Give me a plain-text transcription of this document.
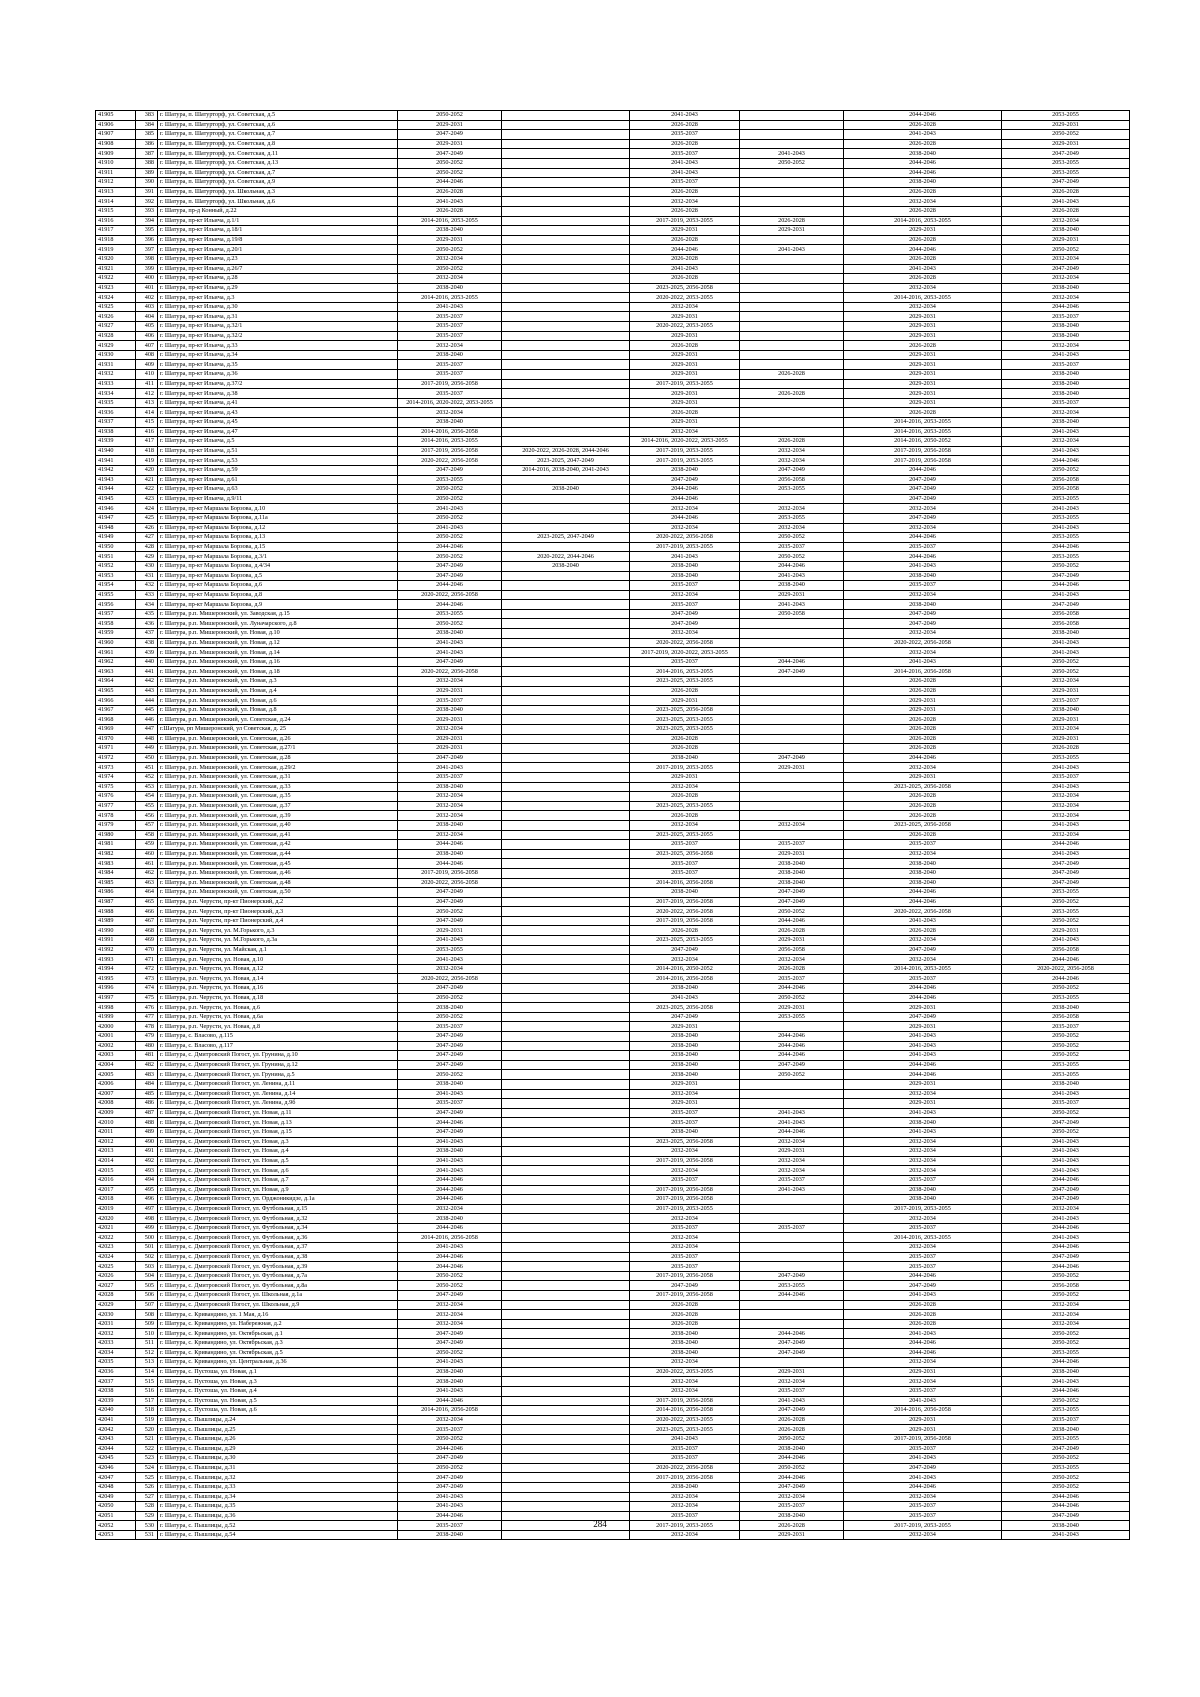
41905	383	г. Шатура, п. Шатурторф, ул. Советская, д.5	2050-2052		2041-2043		2044-2046	2053-2055
41906	384	г. Шатура, п. Шатурторф, ул. Советская, д.6	2029-2031		2026-2028		2026-2028	2029-2031
41907	385	г. Шатура, п. Шатурторф, ул. Советская, д.7	2047-2049		2035-2037		2041-2043	2050-2052
41908	386	г. Шатура, п. Шатурторф, ул. Советская, д.8	2029-2031		2026-2028		2026-2028	2029-2031
41909	387	г. Шатура, п. Шатурторф, ул. Советская, д.11	2047-2049		2035-2037	2041-2043	2038-2040	2047-2049
41910	388	г. Шатура, п. Шатурторф, ул. Советская, д.13	2050-2052		2041-2043	2050-2052	2044-2046	2053-2055
41911	389	г. Шатура, п. Шатурторф, ул. Советская, д.7	2050-2052		2041-2043		2044-2046	2053-2055
41912	390	г. Шатура, п. Шатурторф, ул. Советская, д.9	2044-2046		2035-2037		2038-2040	2047-2049
41913	391	г. Шатура, п. Шатурторф, ул. Школьная, д.3	2026-2028		2026-2028		2026-2028	2026-2028
41914	392	г. Шатура, п. Шатурторф, ул. Школьная, д.6	2041-2043		2032-2034		2032-2034	2041-2043
41915	393	г. Шатура, пр-д Конный, д.22	2026-2028		2026-2028		2026-2028	2026-2028
41916	394	г. Шатура, пр-кт Ильича, д.1/1	2014-2016, 2053-2055		2017-2019, 2053-2055	2026-2028	2014-2016, 2053-2055	2032-2034
41917	395	г. Шатура, пр-кт Ильича, д.18/1	2038-2040		2029-2031	2029-2031	2029-2031	2038-2040
41918	396	г. Шатура, пр-кт Ильича, д.19/8	2029-2031		2026-2028		2026-2028	2029-2031
41919	397	г. Шатура, пр-кт Ильича, д.20/1	2050-2052		2044-2046	2041-2043	2044-2046	2050-2052
41920	398	г. Шатура, пр-кт Ильича, д.23	2032-2034		2026-2028		2026-2028	2032-2034
41921	399	г. Шатура, пр-кт Ильича, д.26/7	2050-2052		2041-2043		2041-2043	2047-2049
41922	400	г. Шатура, пр-кт Ильича, д.28	2032-2034		2026-2028		2026-2028	2032-2034
41923	401	г. Шатура, пр-кт Ильича, д.29	2038-2040		2023-2025, 2056-2058		2032-2034	2038-2040
41924	402	г. Шатура, пр-кт Ильича, д.3	2014-2016, 2053-2055		2020-2022, 2053-2055		2014-2016, 2053-2055	2032-2034
41925	403	г. Шатура, пр-кт Ильича, д.30	2041-2043		2032-2034		2032-2034	2044-2046
41926	404	г. Шатура, пр-кт Ильича, д.31	2035-2037		2029-2031		2029-2031	2035-2037
41927	405	г. Шатура, пр-кт Ильича, д.32/1	2035-2037		2020-2022, 2053-2055		2029-2031	2038-2040
41928	406	г. Шатура, пр-кт Ильича, д.32/2	2035-2037		2029-2031		2029-2031	2038-2040
41929	407	г. Шатура, пр-кт Ильича, д.33	2032-2034		2026-2028		2026-2028	2032-2034
41930	408	г. Шатура, пр-кт Ильича, д.34	2038-2040		2029-2031		2029-2031	2041-2043
41931	409	г. Шатура, пр-кт Ильича, д.35	2035-2037		2029-2031		2029-2031	2035-2037
41932	410	г. Шатура, пр-кт Ильича, д.36	2035-2037		2029-2031	2026-2028	2029-2031	2038-2040
41933	411	г. Шатура, пр-кт Ильича, д.37/2	2017-2019, 2056-2058		2017-2019, 2053-2055		2029-2031	2038-2040
41934	412	г. Шатура, пр-кт Ильича, д.38	2035-2037		2029-2031	2026-2028	2029-2031	2038-2040
41935	413	г. Шатура, пр-кт Ильича, д.41	2014-2016, 2020-2022, 2053-2055		2029-2031		2029-2031	2035-2037
41936	414	г. Шатура, пр-кт Ильича, д.43	2032-2034		2026-2028		2026-2028	2032-2034
41937	415	г. Шатура, пр-кт Ильича, д.45	2038-2040		2029-2031		2014-2016, 2053-2055	2038-2040
41938	416	г. Шатура, пр-кт Ильича, д.47	2014-2016, 2056-2058		2032-2034		2014-2016, 2053-2055	2041-2043
41939	417	г. Шатура, пр-кт Ильича, д.5	2014-2016, 2053-2055		2014-2016, 2020-2022, 2053-2055	2026-2028	2014-2016, 2050-2052	2032-2034
41940	418	г. Шатура, пр-кт Ильича, д.51	2017-2019, 2056-2058	2020-2022, 2026-2028, 2044-2046	2017-2019, 2053-2055	2032-2034	2017-2019, 2056-2058	2041-2043
41941	419	г. Шатура, пр-кт Ильича, д.53	2020-2022, 2056-2058	2023-2025, 2047-2049	2017-2019, 2053-2055	2032-2034	2017-2019, 2056-2058	2044-2046
41942	420	г. Шатура, пр-кт Ильича, д.59	2047-2049	2014-2016, 2038-2040, 2041-2043	2038-2040	2047-2049	2044-2046	2050-2052
41943	421	г. Шатура, пр-кт Ильича, д.61	2053-2055		2047-2049	2056-2058	2047-2049	2056-2058
41944	422	г. Шатура, пр-кт Ильича, д.63	2050-2052	2038-2040	2044-2046	2053-2055	2047-2049	2056-2058
41945	423	г. Шатура, пр-кт Ильича, д.9/11	2050-2052		2044-2046		2047-2049	2053-2055
41946	424	г. Шатура, пр-кт Маршала Борзова, д.10	2041-2043		2032-2034	2032-2034	2032-2034	2041-2043
41947	425	г. Шатура, пр-кт Маршала Борзова, д.11а	2050-2052		2044-2046	2053-2055	2047-2049	2053-2055
41948	426	г. Шатура, пр-кт Маршала Борзова, д.12	2041-2043		2032-2034	2032-2034	2032-2034	2041-2043
41949	427	г. Шатура, пр-кт Маршала Борзова, д.13	2050-2052	2023-2025, 2047-2049	2020-2022, 2056-2058	2050-2052	2044-2046	2053-2055
41950	428	г. Шатура, пр-кт Маршала Борзова, д.15	2044-2046		2017-2019, 2053-2055	2035-2037	2035-2037	2044-2046
41951	429	г. Шатура, пр-кт Маршала Борзова, д.3/1	2050-2052	2020-2022, 2044-2046	2041-2043	2050-2052	2044-2046	2053-2055
41952	430	г. Шатура, пр-кт Маршала Борзова, д.4/34	2047-2049	2038-2040	2038-2040	2044-2046	2041-2043	2050-2052
41953	431	г. Шатура, пр-кт Маршала Борзова, д.5	2047-2049		2038-2040	2041-2043	2038-2040	2047-2049
41954	432	г. Шатура, пр-кт Маршала Борзова, д.6	2044-2046		2035-2037	2038-2040	2035-2037	2044-2046
41955	433	г. Шатура, пр-кт Маршала Борзова, д.8	2020-2022, 2056-2058		2032-2034	2029-2031	2032-2034	2041-2043
41956	434	г. Шатура, пр-кт Маршала Борзова, д.9	2044-2046		2035-2037	2041-2043	2038-2040	2047-2049
41957	435	г. Шатура, р.п. Мишеронский, ул. Заводская, д.15	2053-2055		2047-2049	2050-2058	2047-2049	2056-2058
41958	436	г. Шатура, р.п. Мишеронский, ул. Луначарского, д.8	2050-2052		2047-2049		2047-2049	2056-2058
41959	437	г. Шатура, р.п. Мишеронский, ул. Новая, д.10	2038-2040		2032-2034		2032-2034	2038-2040
41960	438	г. Шатура, р.п. Мишеронский, ул. Новая, д.12	2041-2043		2020-2022, 2056-2058		2020-2022, 2056-2058	2041-2043
41961	439	г. Шатура, р.п. Мишеронский, ул. Новая, д.14	2041-2043		2017-2019, 2020-2022, 2053-2055		2032-2034	2041-2043
41962	440	г. Шатура, р.п. Мишеронский, ул. Новая, д.16	2047-2049		2035-2037	2044-2046	2041-2043	2050-2052
41963	441	г. Шатура, р.п. Мишеронский, ул. Новая, д.18	2020-2022, 2056-2058		2014-2016, 2053-2055	2047-2049	2014-2016, 2056-2058	2050-2052
41964	442	г. Шатура, р.п. Мишеронский, ул. Новая, д.3	2032-2034		2023-2025, 2053-2055		2026-2028	2032-2034
41965	443	г. Шатура, р.п. Мишеронский, ул. Новая, д.4	2029-2031		2026-2028		2026-2028	2029-2031
41966	444	г. Шатура, р.п. Мишеронский, ул. Новая, д.6	2035-2037		2029-2031		2029-2031	2035-2037
41967	445	г. Шатура, р.п. Мишеронский, ул. Новая, д.8	2038-2040		2023-2025, 2056-2058		2029-2031	2038-2040
41968	446	г. Шатура, р.п. Мишеронский, ул. Советская, д.24	2029-2031		2023-2025, 2053-2055		2026-2028	2029-2031
41969	447	г.Шатура, рп Мишеронский, ул Советская, д. 25	2032-2034		2023-2025, 2053-2055		2026-2028	2032-2034
41970	448	г. Шатура, р.п. Мишеронский, ул. Советская, д.26	2029-2031		2026-2028		2026-2028	2029-2031
41971	449	г. Шатура, р.п. Мишеронский, ул. Советская, д.27/1	2029-2031		2026-2028		2026-2028	2026-2028
41972	450	г. Шатура, р.п. Мишеронский, ул. Советская, д.28	2047-2049		2038-2040	2047-2049	2044-2046	2053-2055
41973	451	г. Шатура, р.п. Мишеронский, ул. Советская, д.29/2	2041-2043		2017-2019, 2053-2055	2029-2031	2032-2034	2041-2043
41974	452	г. Шатура, р.п. Мишеронский, ул. Советская, д.31	2035-2037		2029-2031		2029-2031	2035-2037
41975	453	г. Шатура, р.п. Мишеронский, ул. Советская, д.33	2038-2040		2032-2034		2023-2025, 2056-2058	2041-2043
41976	454	г. Шатура, р.п. Мишеронский, ул. Советская, д.35	2032-2034		2026-2028		2026-2028	2032-2034
41977	455	г. Шатура, р.п. Мишеронский, ул. Советская, д.37	2032-2034		2023-2025, 2053-2055		2026-2028	2032-2034
41978	456	г. Шатура, р.п. Мишеронский, ул. Советская, д.39	2032-2034		2026-2028		2026-2028	2032-2034
41979	457	г. Шатура, р.п. Мишеронский, ул. Советская, д.40	2038-2040		2032-2034	2032-2034	2023-2025, 2056-2058	2041-2043
41980	458	г. Шатура, р.п. Мишеронский, ул. Советская, д.41	2032-2034		2023-2025, 2053-2055		2026-2028	2032-2034
41981	459	г. Шатура, р.п. Мишеронский, ул. Советская, д.42	2044-2046		2035-2037	2035-2037	2035-2037	2044-2046
41982	460	г. Шатура, р.п. Мишеронский, ул. Советская, д.44	2038-2040		2023-2025, 2056-2058	2029-2031	2032-2034	2041-2043
41983	461	г. Шатура, р.п. Мишеронский, ул. Советская, д.45	2044-2046		2035-2037	2038-2040	2038-2040	2047-2049
41984	462	г. Шатура, р.п. Мишеронский, ул. Советская, д.46	2017-2019, 2056-2058		2035-2037	2038-2040	2038-2040	2047-2049
41985	463	г. Шатура, р.п. Мишеронский, ул. Советская, д.48	2020-2022, 2056-2058		2014-2016, 2056-2058	2038-2040	2038-2040	2047-2049
41986	464	г. Шатура, р.п. Мишеронский, ул. Советская, д.50	2047-2049		2038-2040	2047-2049	2044-2046	2053-2055
41987	465	г. Шатура, р.п. Черусти, пр-кт Пионерский, д.2	2047-2049		2017-2019, 2056-2058	2047-2049	2044-2046	2050-2052
41988	466	г. Шатура, р.п. Черусти, пр-кт Пионерский, д.3	2050-2052		2020-2022, 2056-2058	2050-2052	2020-2022, 2056-2058	2053-2055
41989	467	г. Шатура, р.п. Черусти, пр-кт Пионерский, д.4	2047-2049		2017-2019, 2056-2058	2044-2046	2041-2043	2050-2052
41990	468	г. Шатура, р.п. Черусти, ул. М.Горького, д.3	2029-2031		2026-2028	2026-2028	2026-2028	2029-2031
41991	469	г. Шатура, р.п. Черусти, ул. М.Горького, д.3а	2041-2043		2023-2025, 2053-2055	2029-2031	2032-2034	2041-2043
41992	470	г. Шатура, р.п. Черусти, ул. Майская, д.1	2053-2055		2047-2049	2056-2058	2047-2049	2056-2058
41993	471	г. Шатура, р.п. Черусти, ул. Новая, д.10	2041-2043		2032-2034	2032-2034	2032-2034	2044-2046
41994	472	г. Шатура, р.п. Черусти, ул. Новая, д.12	2032-2034		2014-2016, 2050-2052	2026-2028	2014-2016, 2053-2055	2020-2022, 2056-2058
41995	473	г. Шатура, р.п. Черусти, ул. Новая, д.14	2020-2022, 2056-2058		2014-2016, 2056-2058	2035-2037	2035-2037	2044-2046
41996	474	г. Шатура, р.п. Черусти, ул. Новая, д.16	2047-2049		2038-2040	2044-2046	2044-2046	2050-2052
41997	475	г. Шатура, р.п. Черусти, ул. Новая, д.18	2050-2052		2041-2043	2050-2052	2044-2046	2053-2055
41998	476	г. Шатура, р.п. Черусти, ул. Новая, д.6	2038-2040		2023-2025, 2056-2058	2029-2031	2029-2031	2038-2040
41999	477	г. Шатура, р.п. Черусти, ул. Новая, д.6а	2050-2052		2047-2049	2053-2055	2047-2049	2056-2058
42000	478	г. Шатура, р.п. Черусти, ул. Новая, д.8	2035-2037		2029-2031		2029-2031	2035-2037
42001	479	г. Шатура, с. Власово, д.115	2047-2049		2038-2040	2044-2046	2041-2043	2050-2052
42002	480	г. Шатура, с. Власово, д.117	2047-2049		2038-2040	2044-2046	2041-2043	2050-2052
42003	481	г. Шатура, с. Дмитровский Погост, ул. Грунина, д.10	2047-2049		2038-2040	2044-2046	2041-2043	2050-2052
42004	482	г. Шатура, с. Дмитровский Погост, ул. Грунина, д.12	2047-2049		2038-2040	2047-2049	2044-2046	2053-2055
42005	483	г. Шатура, с. Дмитровский Погост, ул. Грунина, д.5	2050-2052		2038-2040	2050-2052	2044-2046	2053-2055
42006	484	г. Шатура, с. Дмитровский Погост, ул. Ленина, д.11	2038-2040		2029-2031		2029-2031	2038-2040
42007	485	г. Шатура, с. Дмитровский Погост, ул. Ленина, д.14	2041-2043		2032-2034		2032-2034	2041-2043
42008	486	г. Шатура, с. Дмитровский Погост, ул. Ленина, д.9б	2035-2037		2029-2031		2029-2031	2035-2037
42009	487	г. Шатура, с. Дмитровский Погост, ул. Новая, д.11	2047-2049		2035-2037	2041-2043	2041-2043	2050-2052
42010	488	г. Шатура, с. Дмитровский Погост, ул. Новая, д.13	2044-2046		2035-2037	2041-2043	2038-2040	2047-2049
42011	489	г. Шатура, с. Дмитровский Погост, ул. Новая, д.15	2047-2049		2038-2040	2044-2046	2041-2043	2050-2052
42012	490	г. Шатура, с. Дмитровский Погост, ул. Новая, д.3	2041-2043		2023-2025, 2056-2058	2032-2034	2032-2034	2041-2043
42013	491	г. Шатура, с. Дмитровский Погост, ул. Новая, д.4	2038-2040		2032-2034	2029-2031	2032-2034	2041-2043
42014	492	г. Шатура, с. Дмитровский Погост, ул. Новая, д.5	2041-2043		2017-2019, 2056-2058	2032-2034	2032-2034	2041-2043
42015	493	г. Шатура, с. Дмитровский Погост, ул. Новая, д.6	2041-2043		2032-2034	2032-2034	2032-2034	2041-2043
42016	494	г. Шатура, с. Дмитровский Погост, ул. Новая, д.7	2044-2046		2035-2037	2035-2037	2035-2037	2044-2046
42017	495	г. Шатура, с. Дмитровский Погост, ул. Новая, д.9	2044-2046		2017-2019, 2056-2058	2041-2043	2038-2040	2047-2049
42018	496	г. Шатура, с. Дмитровский Погост, ул. Орджоникидзе, д.1а	2044-2046		2017-2019, 2056-2058		2038-2040	2047-2049
42019	497	г. Шатура, с. Дмитровский Погост, ул. Футбольная, д.15	2032-2034		2017-2019, 2053-2055		2017-2019, 2053-2055	2032-2034
42020	498	г. Шатура, с. Дмитровский Погост, ул. Футбольная, д.32	2038-2040		2032-2034		2032-2034	2041-2043
42021	499	г. Шатура, с. Дмитровский Погост, ул. Футбольная, д.34	2044-2046		2035-2037	2035-2037	2035-2037	2044-2046
42022	500	г. Шатура, с. Дмитровский Погост, ул. Футбольная, д.36	2014-2016, 2056-2058		2032-2034		2014-2016, 2053-2055	2041-2043
42023	501	г. Шатура, с. Дмитровский Погост, ул. Футбольная, д.37	2041-2043		2032-2034		2032-2034	2044-2046
42024	502	г. Шатура, с. Дмитровский Погост, ул. Футбольная, д.38	2044-2046		2035-2037		2035-2037	2047-2049
42025	503	г. Шатура, с. Дмитровский Погост, ул. Футбольная, д.39	2044-2046		2035-2037		2035-2037	2044-2046
42026	504	г. Шатура, с. Дмитровский Погост, ул. Футбольная, д.7а	2050-2052		2017-2019, 2056-2058	2047-2049	2044-2046	2050-2052
42027	505	г. Шатура, с. Дмитровский Погост, ул. Футбольная, д.8а	2050-2052		2047-2049	2053-2055	2047-2049	2056-2058
42028	506	г. Шатура, с. Дмитровский Погост, ул. Школьная, д.1а	2047-2049		2017-2019, 2056-2058	2044-2046	2041-2043	2050-2052
42029	507	г. Шатура, с. Дмитровский Погост, ул. Школьная, д.9	2032-2034		2026-2028		2026-2028	2032-2034
42030	508	г. Шатура, с. Кривандино, ул. 1 Мая, д.16	2032-2034		2026-2028		2026-2028	2032-2034
42031	509	г. Шатура, с. Кривандино, ул. Набережная, д.2	2032-2034		2026-2028		2026-2028	2032-2034
42032	510	г. Шатура, с. Кривандино, ул. Октябрьская, д.1	2047-2049		2038-2040	2044-2046	2041-2043	2050-2052
42033	511	г. Шатура, с. Кривандино, ул. Октябрьская, д.3	2047-2049		2038-2040	2047-2049	2044-2046	2050-2052
42034	512	г. Шатура, с. Кривандино, ул. Октябрьская, д.5	2050-2052		2038-2040	2047-2049	2044-2046	2053-2055
42035	513	г. Шатура, с. Кривандино, ул. Центральная, д.36	2041-2043		2032-2034		2032-2034	2044-2046
42036	514	г. Шатура, с. Пустоша, ул. Новая, д.1	2038-2040		2020-2022, 2053-2055	2029-2031	2029-2031	2038-2040
42037	515	г. Шатура, с. Пустоша, ул. Новая, д.3	2038-2040		2032-2034	2032-2034	2032-2034	2041-2043
42038	516	г. Шатура, с. Пустоша, ул. Новая, д.4	2041-2043		2032-2034	2035-2037	2035-2037	2044-2046
42039	517	г. Шатура, с. Пустоша, ул. Новая, д.5	2044-2046		2017-2019, 2056-2058	2041-2043	2041-2043	2050-2052
42040	518	г. Шатура, с. Пустоша, ул. Новая, д.6	2014-2016, 2056-2058		2014-2016, 2056-2058	2047-2049	2014-2016, 2056-2058	2053-2055
42041	519	г. Шатура, с. Пышлицы, д.24	2032-2034		2020-2022, 2053-2055	2026-2028	2029-2031	2035-2037
42042	520	г. Шатура, с. Пышлицы, д.25	2035-2037		2023-2025, 2053-2055	2026-2028	2029-2031	2038-2040
42043	521	г. Шатура, с. Пышлицы, д.26	2050-2052		2041-2043	2050-2052	2017-2019, 2056-2058	2053-2055
42044	522	г. Шатура, с. Пышлицы, д.29	2044-2046		2035-2037	2038-2040	2035-2037	2047-2049
42045	523	г. Шатура, с. Пышлицы, д.30	2047-2049		2035-2037	2044-2046	2041-2043	2050-2052
42046	524	г. Шатура, с. Пышлицы, д.31	2050-2052		2020-2022, 2056-2058	2050-2052	2047-2049	2053-2055
42047	525	г. Шатура, с. Пышлицы, д.32	2047-2049		2017-2019, 2056-2058	2044-2046	2041-2043	2050-2052
42048	526	г. Шатура, с. Пышлицы, д.33	2047-2049		2038-2040	2047-2049	2044-2046	2050-2052
42049	527	г. Шатура, с. Пышлицы, д.34	2041-2043		2032-2034	2032-2034	2032-2034	2044-2046
42050	528	г. Шатура, с. Пышлицы, д.35	2041-2043		2032-2034	2035-2037	2035-2037	2044-2046
42051	529	г. Шатура, с. Пышлицы, д.36	2044-2046		2035-2037	2038-2040	2035-2037	2047-2049
42052	530	г. Шатура, с. Пышлицы, д.52	2035-2037		2017-2019, 2053-2055	2026-2028	2017-2019, 2053-2055	2038-2040
42053	531	г. Шатура, с. Пышлицы, д.54	2038-2040		2032-2034	2029-2031	2032-2034	2041-2043
284
